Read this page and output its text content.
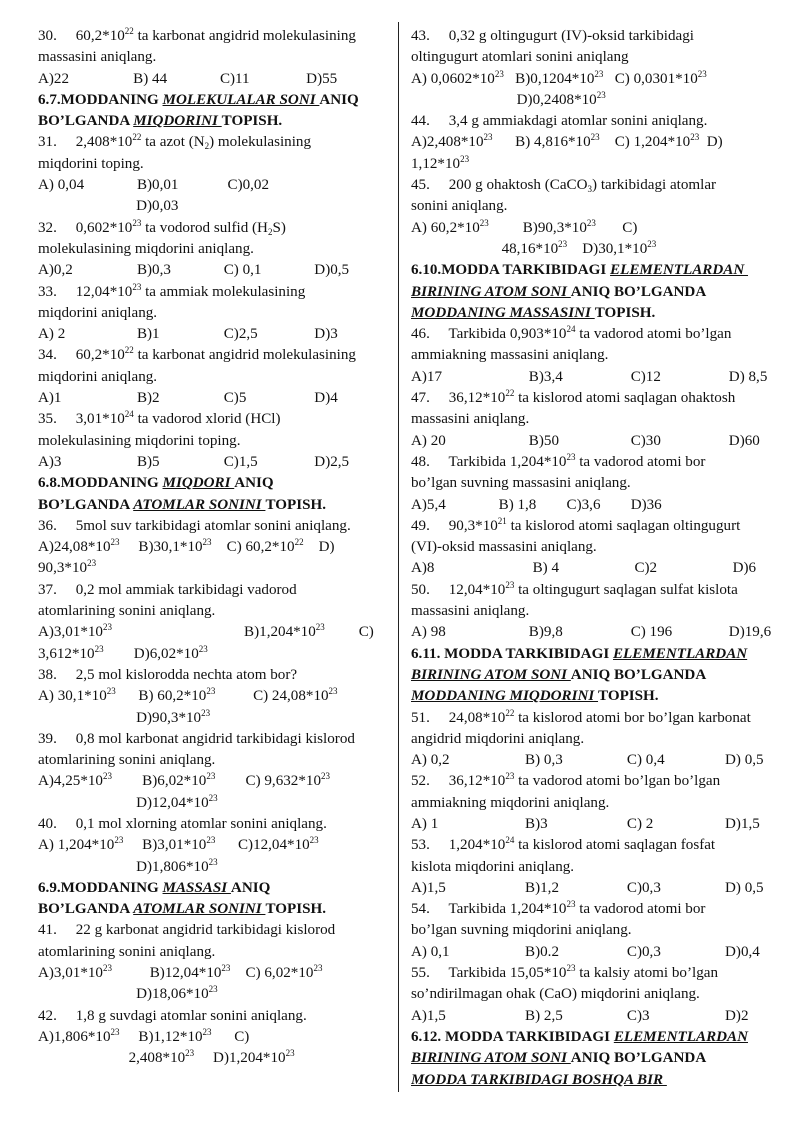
30.     $60,2*10^{22}$ ta karbonat angidrid molekulasining
massasini aniqlang.
A)22                 B) 44              C)11               D)55
6.7.MODDANING MOLEKULALAR SONI ANIQ
BO’LGANDA MIQDORINI TOPISH.
31.     $2,408*10^{22}$ ta azot $(N_2)$ molekulasining
miqdorini toping.
A) 0,04              B)0,01             C)0,02
D)0,03
32.     $0,602*10^{23}$ ta vodorod sulfid $(H_2S)$
molekulasining miqdorini aniqlang.
A)0,2                 B)0,3              C) 0,1              D)0,5
33.     $12,04*10^{23}$ ta ammiak molekulasining
miqdorini aniqlang.
A) 2                   B)1                 C)2,5               D)3
34.     $60,2*10^{22}$ ta karbonat angidrid molekulasining
miqdorini aniqlang.
A)1                    B)2                 C)5                  D)4
35.     $3,01*10^{24}$ ta vadorod xlorid (HCl)
molekulasining miqdorini toping.
A)3                    B)5                 C)1,5               D)2,5
6.8.MODDANING MIQDORI ANIQ
BO’LGANDA ATOMLAR SONINI TOPISH.
36.     5mol suv tarkibidagi atomlar sonini aniqlang.
$A)24,08*10^{23}$     $B)30,1*10^{23}$    C) $60,2*10^{22}$    D)
$90,3*10^{23}$
37.     0,2 mol ammiak tarkibidagi vadorod
atomlarining sonini aniqlang.
$A)3,01*10^{23}$                                   $B)1,204*10^{23}$         C)
$3,612*10^{23}$        $D)6,02*10^{23}$
38.     2,5 mol kislorodda nechta atom bor?
A) $30,1*10^{23}$      B) $60,2*10^{23}$          C) $24,08*10^{23}$
$D)90,3*10^{23}$
39.     0,8 mol karbonat angidrid tarkibidagi kislorod
atomlarining sonini aniqlang.
$A)4,25*10^{23}$        $B)6,02*10^{23}$        C) $9,632*10^{23}$
$D)12,04*10^{23}$
40.     0,1 mol xlorning atomlar sonini aniqlang.
A) $1,204*10^{23}$     $B)3,01*10^{23}$      $C)12,04*10^{23}$
$D)1,806*10^{23}$
6.9.MODDANING MASSASI ANIQ
BO’LGANDA ATOMLAR SONINI TOPISH.
41.     22 g karbonat angidrid tarkibidagi kislorod
atomlarining sonini aniqlang.
$A)3,01*10^{23}$          $B)12,04*10^{23}$    C) $6,02*10^{23}$
$D)18,06*10^{23}$
42.     1,8 g suvdagi atomlar sonini aniqlang.
$A)1,806*10^{23}$     $B)1,12*10^{23}$      C)
$2,408*10^{23}$     $D)1,204*10^{23}$
43.     0,32 g oltingugurt (IV)-oksid tarkibidagi
oltingugurt atomlari sonini aniqlang
A) $0,0602*10^{23}$   $B)0,1204*10^{23}$   C) $0,0301*10^{23}$
$D)0,2408*10^{23}$
44.     3,4 g ammiakdagi atomlar sonini aniqlang.
$A)2,408*10^{23}$      B) $4,816*10^{23}$    C) $1,204*10^{23}$  D)
$1,12*10^{23}$
45.     200 g ohaktosh (CaCO$_3$) tarkibidagi atomlar
sonini aniqlang.
A) $60,2*10^{23}$         $B)90,3*10^{23}$       C)
$48,16*10^{23}$    $D)30,1*10^{23}$
6.10.MODDA TARKIBIDAGI ELEMENTLARDAN
BIRINING ATOM SONI ANIQ BO’LGANDA
MODDANING MASSASINI TOPISH.
46.     Tarkibida $0,903*10^{24}$ ta vadorod atomi bo’lgan
ammiakning massasini aniqlang.
A)17                       B)3,4                  C)12                  D) 8,5
47.     $36,12*10^{22}$ ta kislorod atomi saqlagan ohaktosh
massasini aniqlang.
A) 20                      B)50                   C)30                  D)60
48.     Tarkibida $1,204*10^{23}$ ta vadorod atomi bor
bo’lgan suvning massasini aniqlang.
A)5,4              B) 1,8        C)3,6        D)36
49.     $90,3*10^{21}$ ta kislorod atomi saqlagan oltingugurt
(VI)-oksid massasini aniqlang.
A)8                          B) 4                    C)2                    D)6
50.     $12,04*10^{23}$ ta oltingugurt saqlagan sulfat kislota
massasini aniqlang.
A) 98                      B)9,8                  C) 196               D)19,6
6.11. MODDA TARKIBIDAGI ELEMENTLARDAN
BIRINING ATOM SONI ANIQ BO’LGANDA
MODDANING MIQDORINI TOPISH.
51.     $24,08*10^{22}$ ta kislorod atomi bor bo’lgan karbonat
angidrid miqdorini aniqlang.
A) 0,2                    B) 0,3                 C) 0,4                D) 0,5
52.     $36,12*10^{23}$ ta vadorod atomi bo’lgan bo’lgan
ammiakning miqdorini aniqlang.
A) 1                       B)3                     C) 2                   D)1,5
53.     $1,204*10^{24}$ ta kislorod atomi saqlagan fosfat
kislota miqdorini aniqlang.
A)1,5                     B)1,2                  C)0,3                 D) 0,5
54.     Tarkibida $1,204*10^{23}$ ta vadorod atomi bor
bo’lgan suvning miqdorini aniqlang.
A) 0,1                    B)0.2                  C)0,3                 D)0,4
55.     Tarkibida $15,05*10^{23}$ ta kalsiy atomi bo’lgan
so’ndirilmagan ohak (CaO) miqdorini aniqlang.
A)1,5                     B) 2,5                 C)3                    D)2
6.12. MODDA TARKIBIDAGI ELEMENTLARDAN
BIRINING ATOM SONI ANIQ BO’LGANDA
MODDA TARKIBIDAGI BOSHQA BIR
